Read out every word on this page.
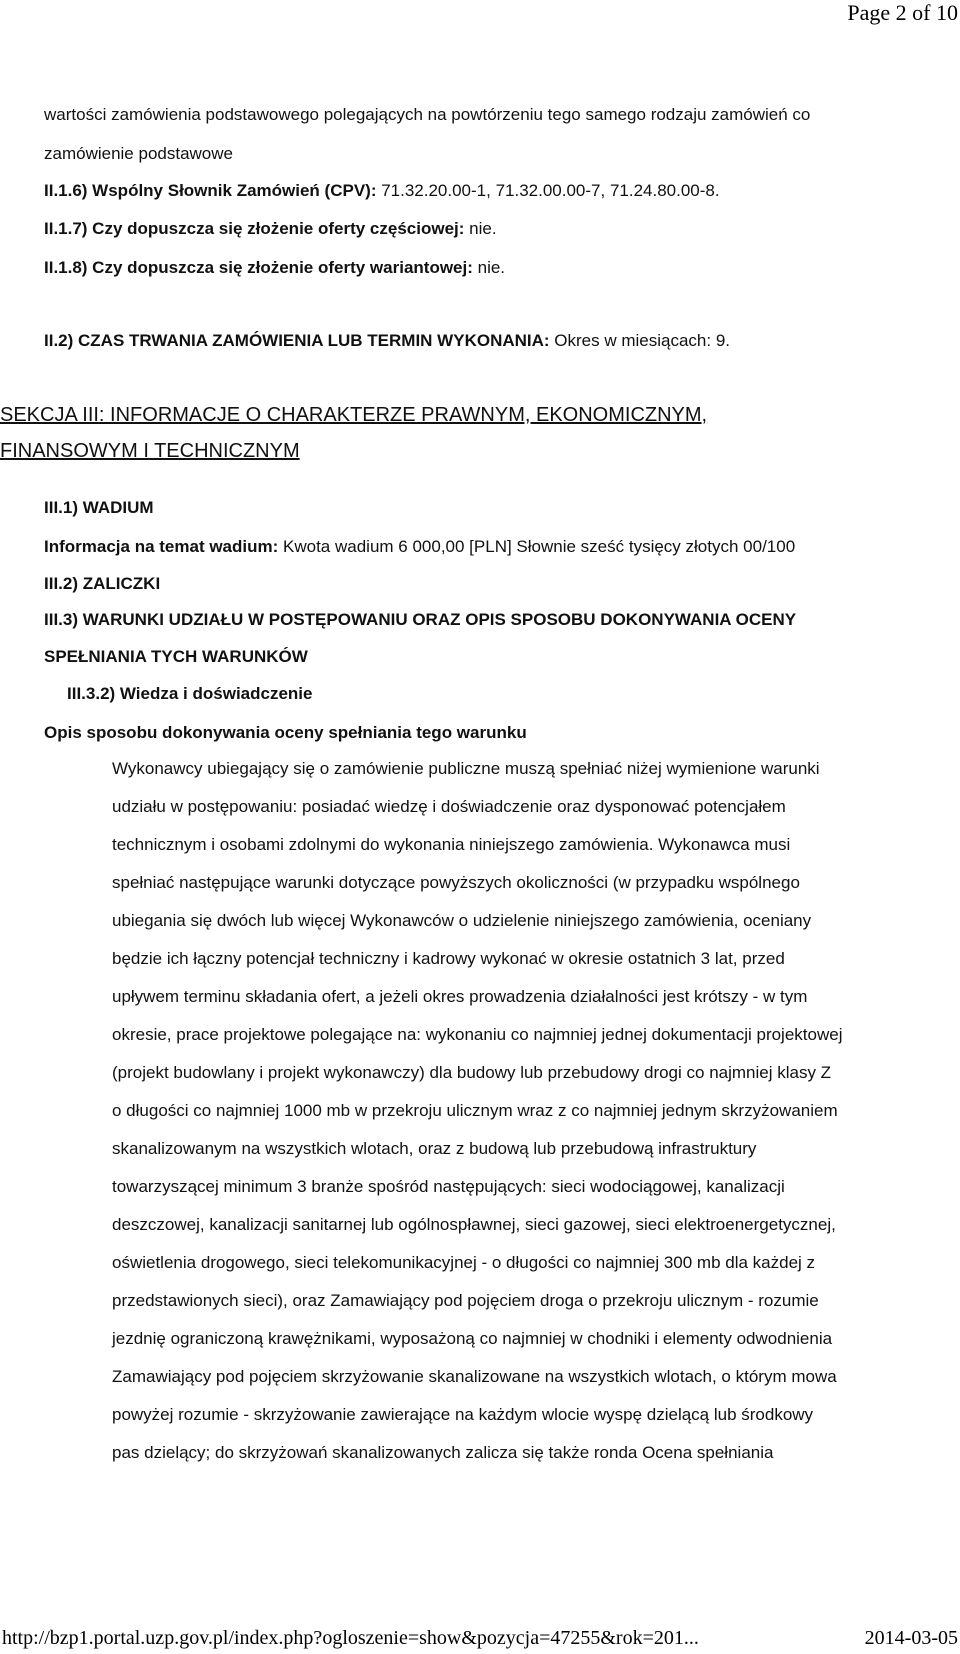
Page 2 of 10
wartości zamówienia podstawowego polegających na powtórzeniu tego samego rodzaju zamówień co
zamówienie podstawowe
II.1.6) Wspólny Słownik Zamówień (CPV): 71.32.20.00-1, 71.32.00.00-7, 71.24.80.00-8.
II.1.7) Czy dopuszcza się złożenie oferty częściowej: nie.
II.1.8) Czy dopuszcza się złożenie oferty wariantowej: nie.
II.2) CZAS TRWANIA ZAMÓWIENIA LUB TERMIN WYKONANIA: Okres w miesiącach: 9.
SEKCJA III: INFORMACJE O CHARAKTERZE PRAWNYM, EKONOMICZNYM,
FINANSOWYM I TECHNICZNYM
III.1) WADIUM
Informacja na temat wadium: Kwota wadium 6 000,00 [PLN] Słownie sześć tysięcy złotych 00/100
III.2) ZALICZKI
III.3) WARUNKI UDZIAŁU W POSTĘPOWANIU ORAZ OPIS SPOSOBU DOKONYWANIA OCENY
SPEŁNIANIA TYCH WARUNKÓW
III.3.2) Wiedza i doświadczenie
Opis sposobu dokonywania oceny spełniania tego warunku
Wykonawcy ubiegający się o zamówienie publiczne muszą spełniać niżej wymienione warunki
udziału w postępowaniu: posiadać wiedzę i doświadczenie oraz dysponować potencjałem
technicznym i osobami zdolnymi do wykonania niniejszego zamówienia. Wykonawca musi
spełniać następujące warunki dotyczące powyższych okoliczności (w przypadku wspólnego
ubiegania się dwóch lub więcej Wykonawców o udzielenie niniejszego zamówienia, oceniany
będzie ich łączny potencjał techniczny i kadrowy wykonać w okresie ostatnich 3 lat, przed
upływem terminu składania ofert, a jeżeli okres prowadzenia działalności jest krótszy - w tym
okresie, prace projektowe polegające na: wykonaniu co najmniej jednej dokumentacji projektowej
(projekt budowlany i projekt wykonawczy) dla budowy lub przebudowy drogi co najmniej klasy Z
o długości co najmniej 1000 mb w przekroju ulicznym wraz z co najmniej jednym skrzyżowaniem
skanalizowanym na wszystkich wlotach, oraz z budową lub przebudową infrastruktury
towarzyszącej minimum 3 branże spośród następujących: sieci wodociągowej, kanalizacji
deszczowej, kanalizacji sanitarnej lub ogólnospławnej, sieci gazowej, sieci elektroenergetycznej,
oświetlenia drogowego, sieci telekomunikacyjnej - o długości co najmniej 300 mb dla każdej z
przedstawionych sieci), oraz Zamawiający pod pojęciem droga o przekroju ulicznym - rozumie
jezdnię ograniczoną krawężnikami, wyposażoną co najmniej w chodniki i elementy odwodnienia
Zamawiający pod pojęciem skrzyżowanie skanalizowane na wszystkich wlotach, o którym mowa
powyżej rozumie - skrzyżowanie zawierające na każdym wlocie wyspę dzielącą lub środkowy
pas dzielący; do skrzyżowań skanalizowanych zalicza się także ronda Ocena spełniania
http://bzp1.portal.uzp.gov.pl/index.php?ogloszenie=show&pozycja=47255&rok=201...	2014-03-05
